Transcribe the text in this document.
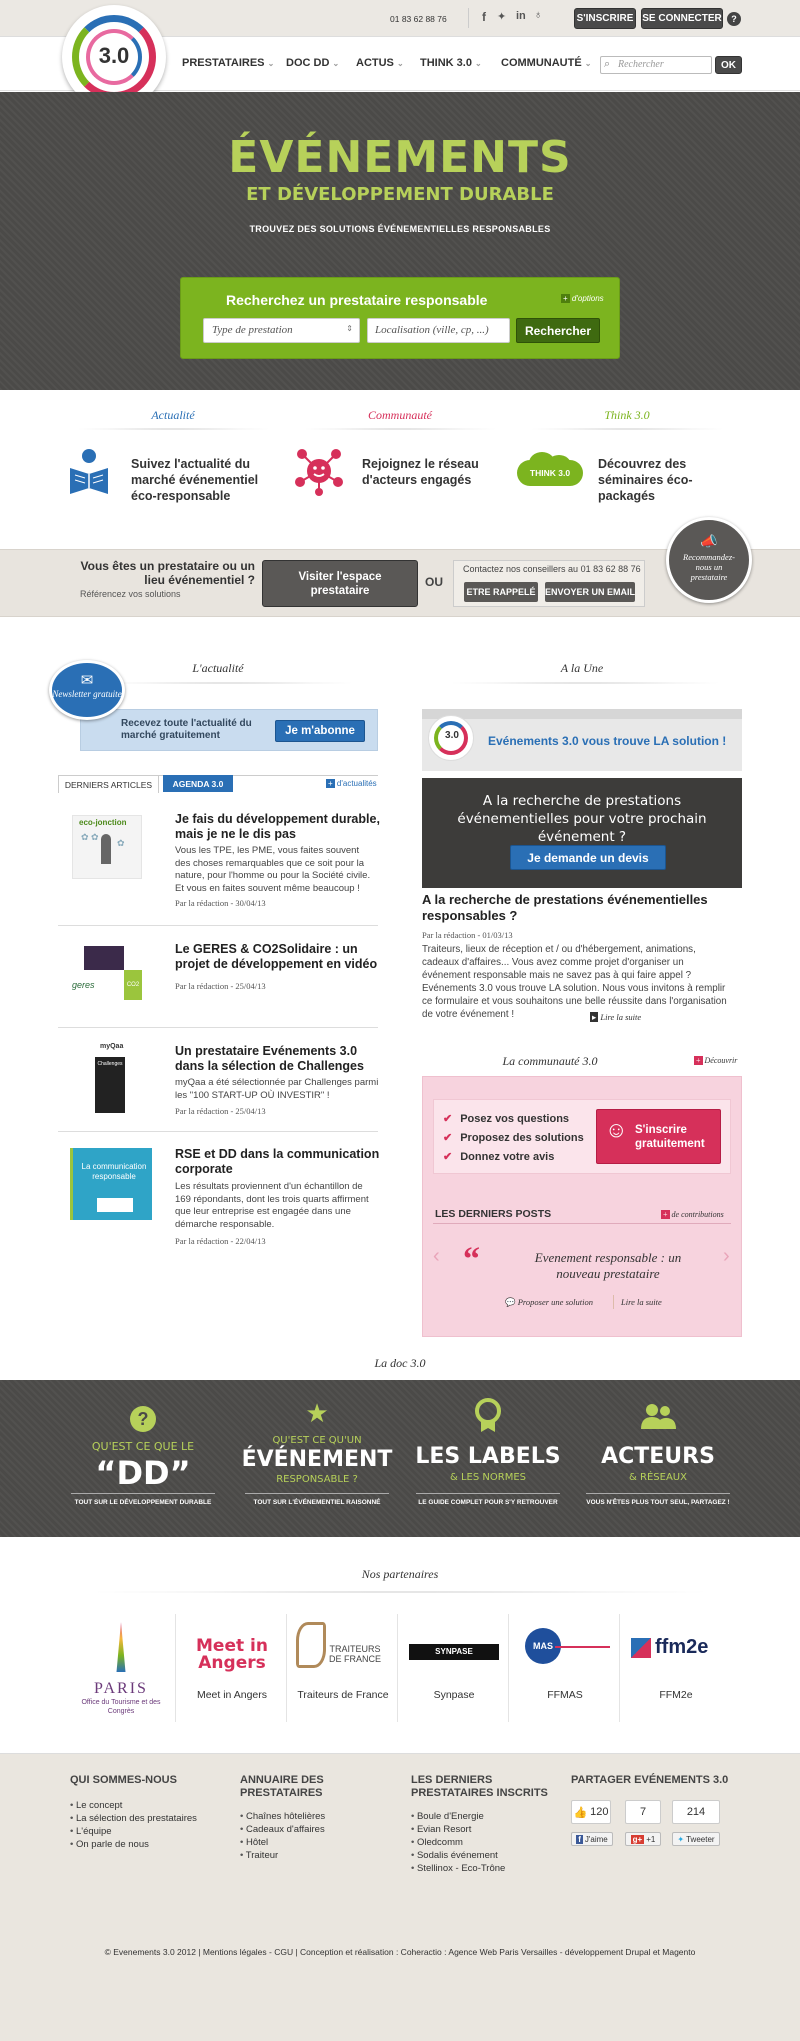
01 83 62 88 76	f ✦ in ♁	S'INSCRIRE SE CONNECTER	?
3.0	PRESTATAIRES ⌄ DOC DD ⌄ ACTUS ⌄ THINK 3.0 ⌄ COMMUNAUTÉ ⌄ ⌕ Rechercher	OK
ÉVÉNEMENTS
ET DÉVELOPPEMENT DURABLE
TROUVEZ DES SOLUTIONS ÉVÉNEMENTIELLES RESPONSABLES
Recherchez un prestataire responsable	+ d'options
Type de prestation	⇕ Localisation (ville, cp, ...)	Rechercher
Actualité	Communauté	Think 3.0
Suivez l'actualité du marché événementiel éco-responsable
Rejoignez le réseau d'acteurs engagés	THINK 3.0
Découvrez des séminaires éco-packagés
Vous êtes un prestataire ou un lieu événementiel ?
Référencez vos solutions
Visiter l'espace prestataire
OU
Contactez nos conseillers au 01 83 62 88 76
ETRE RAPPELÉ ENVOYER UN EMAIL
📣
Recommandez-nous un prestataire
L'actualité	A la Une
Recevez toute l'actualité du marché gratuitement	Je m'abonne
✉
Newsletter gratuite
DERNIERS ARTICLES	AGENDA 3.0	+ d'actualités
eco-jonction
✿ ✿
✿
Je fais du développement durable, mais je ne le dis pas
Vous les TPE, les PME, vous faites souvent des choses remarquables que ce soit pour la nature, pour l'homme ou pour la Société civile. Et vous en faites souvent même beaucoup !
Par la rédaction - 30/04/13
CO2
geres
Le GERES & CO2Solidaire : un projet de développement en vidéo
Par la rédaction - 25/04/13
myQaa
Challenges
Un prestataire Evénements 3.0 dans la sélection de Challenges
myQaa a été sélectionnée par Challenges parmi les "100 START-UP OÙ INVESTIR" !
Par la rédaction - 25/04/13
La communication responsable
RSE et DD dans la communication corporate
Les résultats proviennent d'un échantillon de 169 répondants, dont les trois quarts affirment que leur entreprise est engagée dans une démarche responsable.
Par la rédaction - 22/04/13
3.0	Evénements 3.0 vous trouve LA solution !
A la recherche de prestations événementielles pour votre prochain événement ?
Je demande un devis
A la recherche de prestations événementielles responsables ?
Par la rédaction - 01/03/13
Traiteurs, lieux de réception et / ou d'hébergement, animations, cadeaux d'affaires... Vous avez comme projet d'organiser un événement responsable mais ne savez pas à qui faire appel ? Evénements 3.0 vous trouve LA solution. Nous vous invitons à remplir ce formulaire et vous souhaitons une belle réussite dans l'organisation de votre événement !	▸ Lire la suite
La communauté 3.0	+ Découvrir
✔ Posez vos questions
✔ Proposez des solutions
✔ Donnez votre avis
☺ S'inscrire gratuitement
LES DERNIERS POSTS	+ de contributions
‹	›
“	Evenement responsable : un nouveau prestataire
💬 Proposer une solution	Lire la suite
La doc 3.0
?
QU'EST CE QUE LE
“DD”
TOUT SUR LE DÉVELOPPEMENT DURABLE
★
QU'EST CE QU'UN
ÉVÉNEMENT
RESPONSABLE ?
TOUT SUR L'ÉVÉNEMENTIEL RAISONNÉ
LES LABELS
& LES NORMES
LE GUIDE COMPLET POUR S'Y RETROUVER
ACTEURS
& RÉSEAUX
VOUS N'ÊTES PLUS TOUT SEUL, PARTAGEZ !
Nos partenaires
PARIS
Office du Tourisme et des Congrès
Meet in Angers
Meet in Angers
TRAITEURS DE FRANCE
Traiteurs de France
SYNPASE
Synpase
MAS
FFMAS
ffm2e
FFM2e
QUI SOMMES-NOUS
• Le concept
• La sélection des prestataires
• L'équipe
• On parle de nous
ANNUAIRE DES PRESTATAIRES
• Chaînes hôtelières
• Cadeaux d'affaires
• Hôtel
• Traiteur
LES DERNIERS PRESTATAIRES INSCRITS
• Boule d'Energie
• Evian Resort
• Oledcomm
• Sodalis événement
• Stellinox - Eco-Trône
PARTAGER EVÉNEMENTS 3.0
👍 120	7	214
f J'aime	g+ +1	✦ Tweeter
© Evenements 3.0 2012 | Mentions légales - CGU | Conception et réalisation : Coheractio : Agence Web Paris Versailles - développement Drupal et Magento
